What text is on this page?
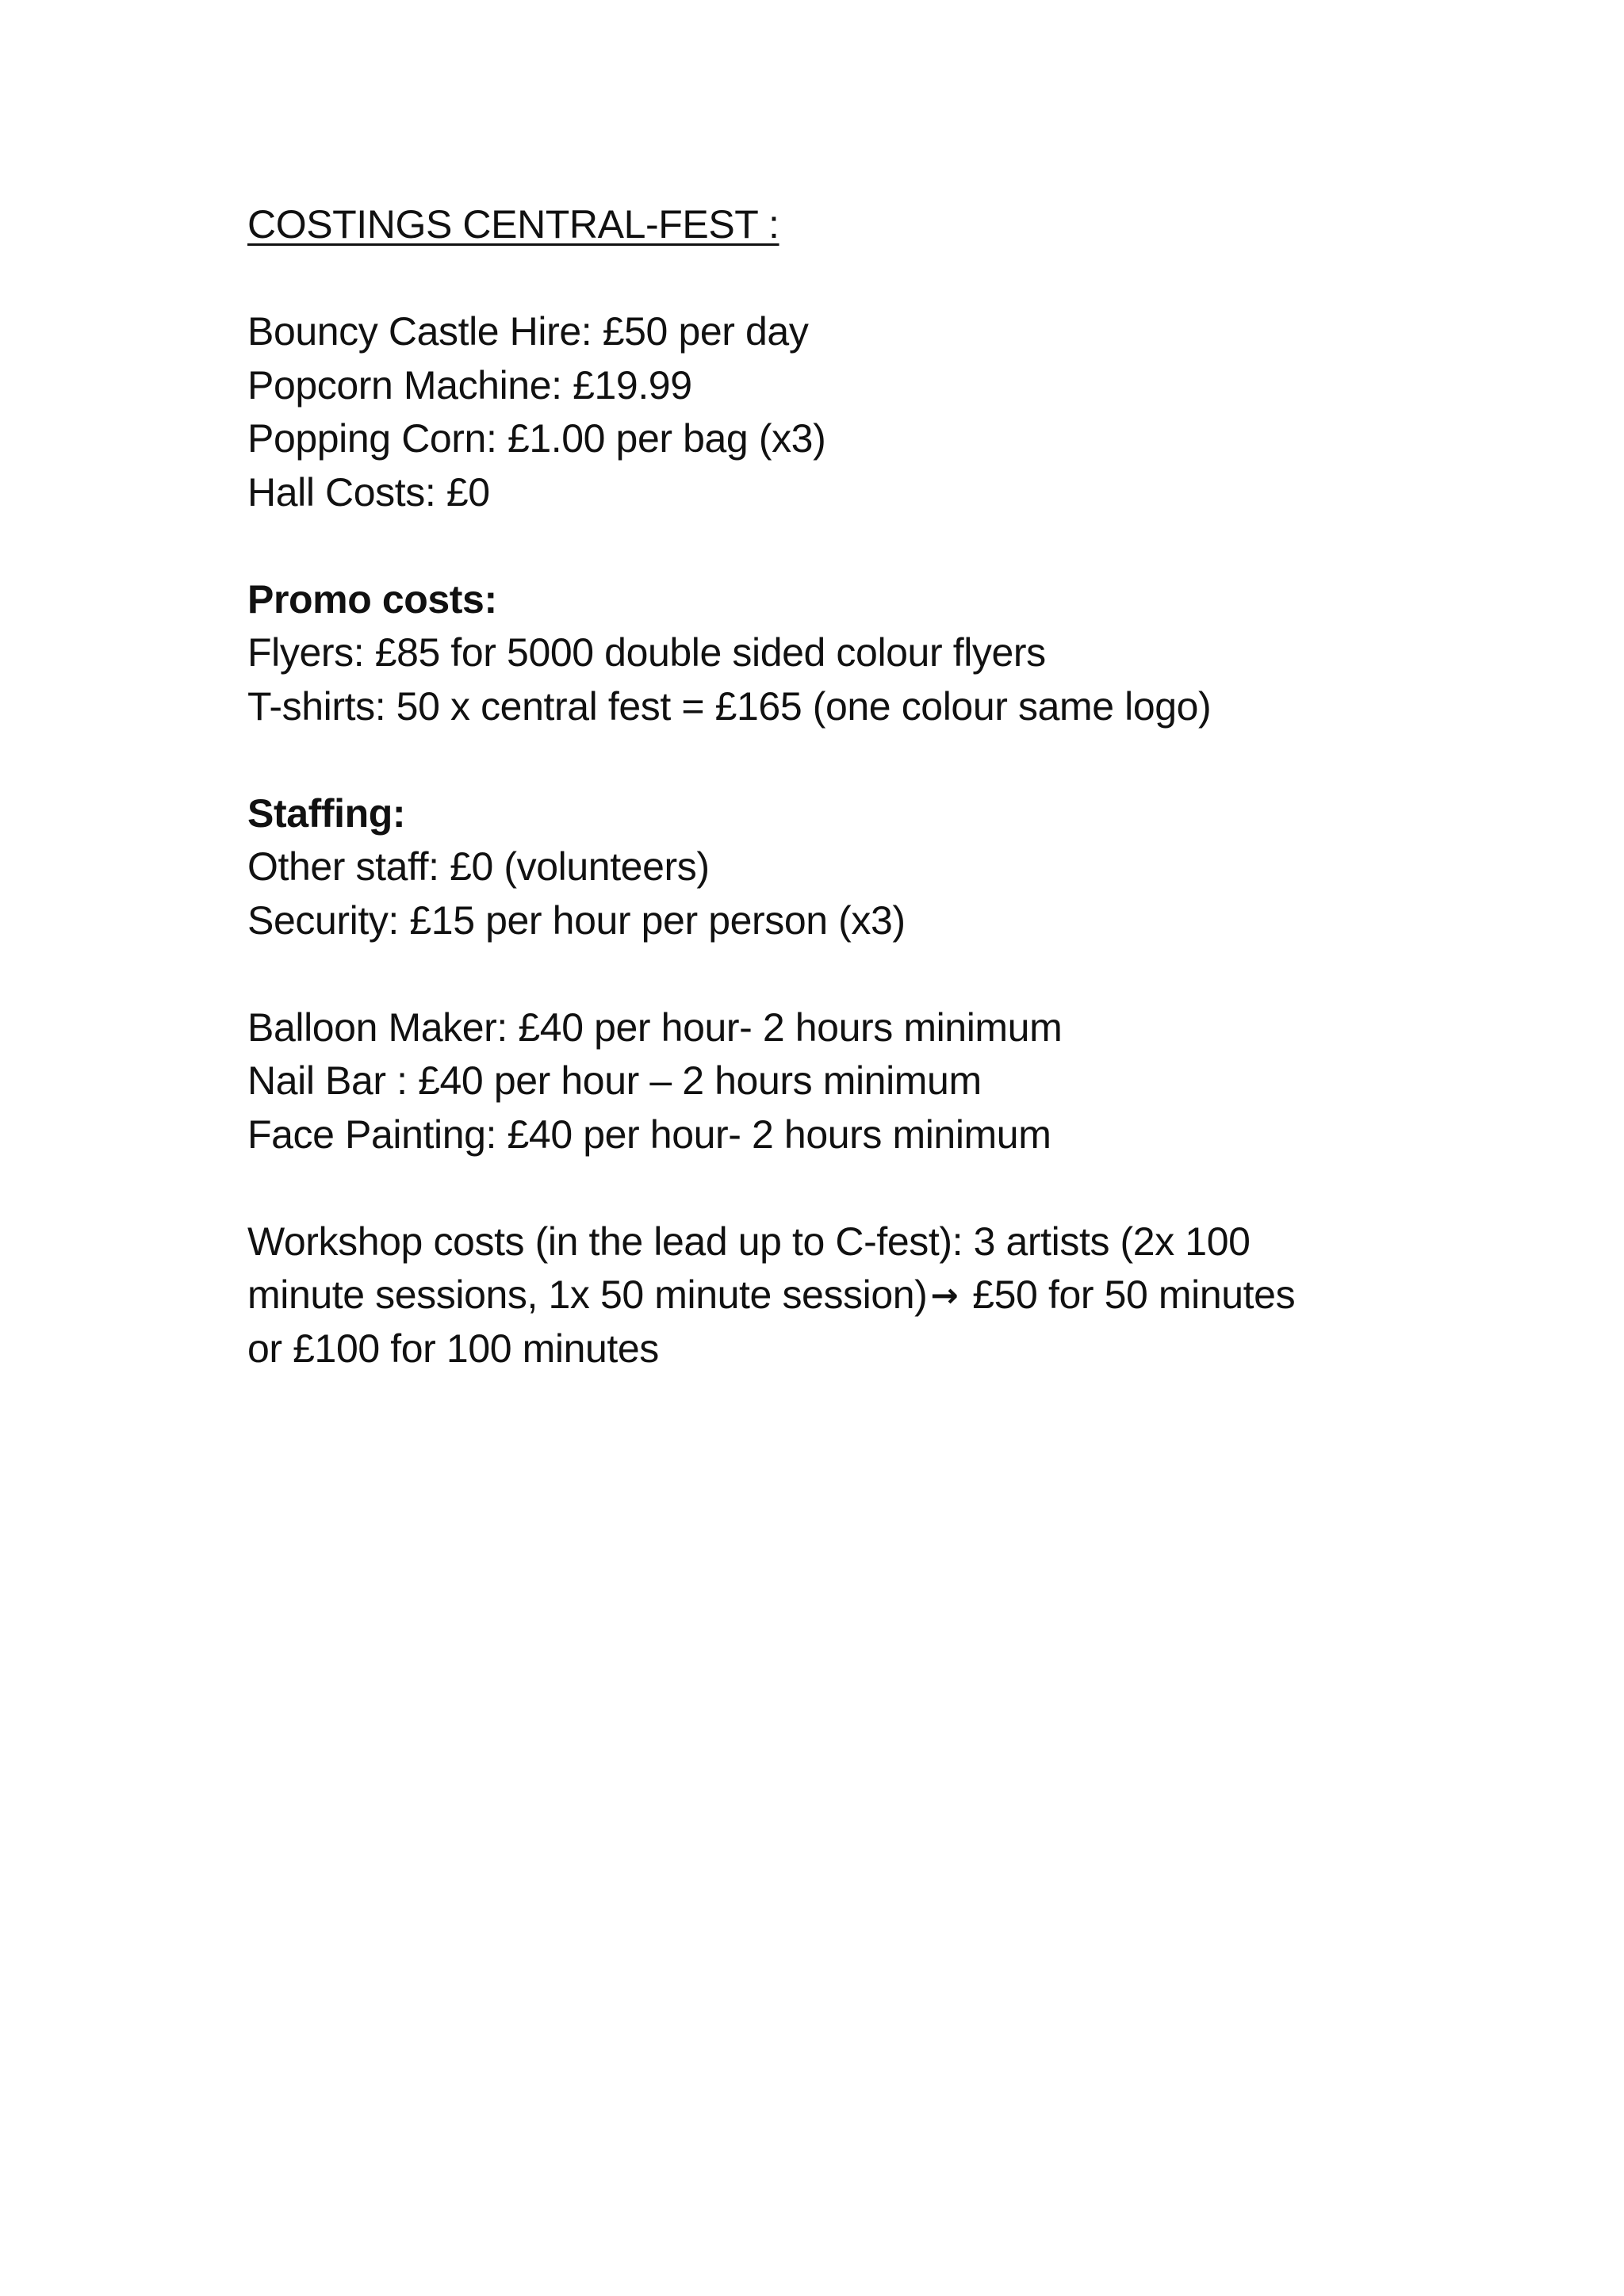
COSTINGS CENTRAL-FEST :
Bouncy Castle Hire: £50 per day
Popcorn Machine: £19.99
Popping Corn: £1.00 per bag (x3)
Hall Costs: £0
Promo costs:
Flyers: £85 for 5000 double sided colour flyers
T-shirts: 50 x central fest = £165 (one colour same logo)
Staffing:
Other staff: £0 (volunteers)
Security: £15 per hour per person (x3)
Balloon Maker: £40 per hour- 2 hours minimum
Nail Bar : £40 per hour – 2 hours minimum
Face Painting: £40 per hour- 2 hours minimum
Workshop costs (in the lead up to C-fest): 3 artists (2x 100
minute sessions, 1x 50 minute session)→ £50 for 50 minutes
or £100 for 100 minutes
